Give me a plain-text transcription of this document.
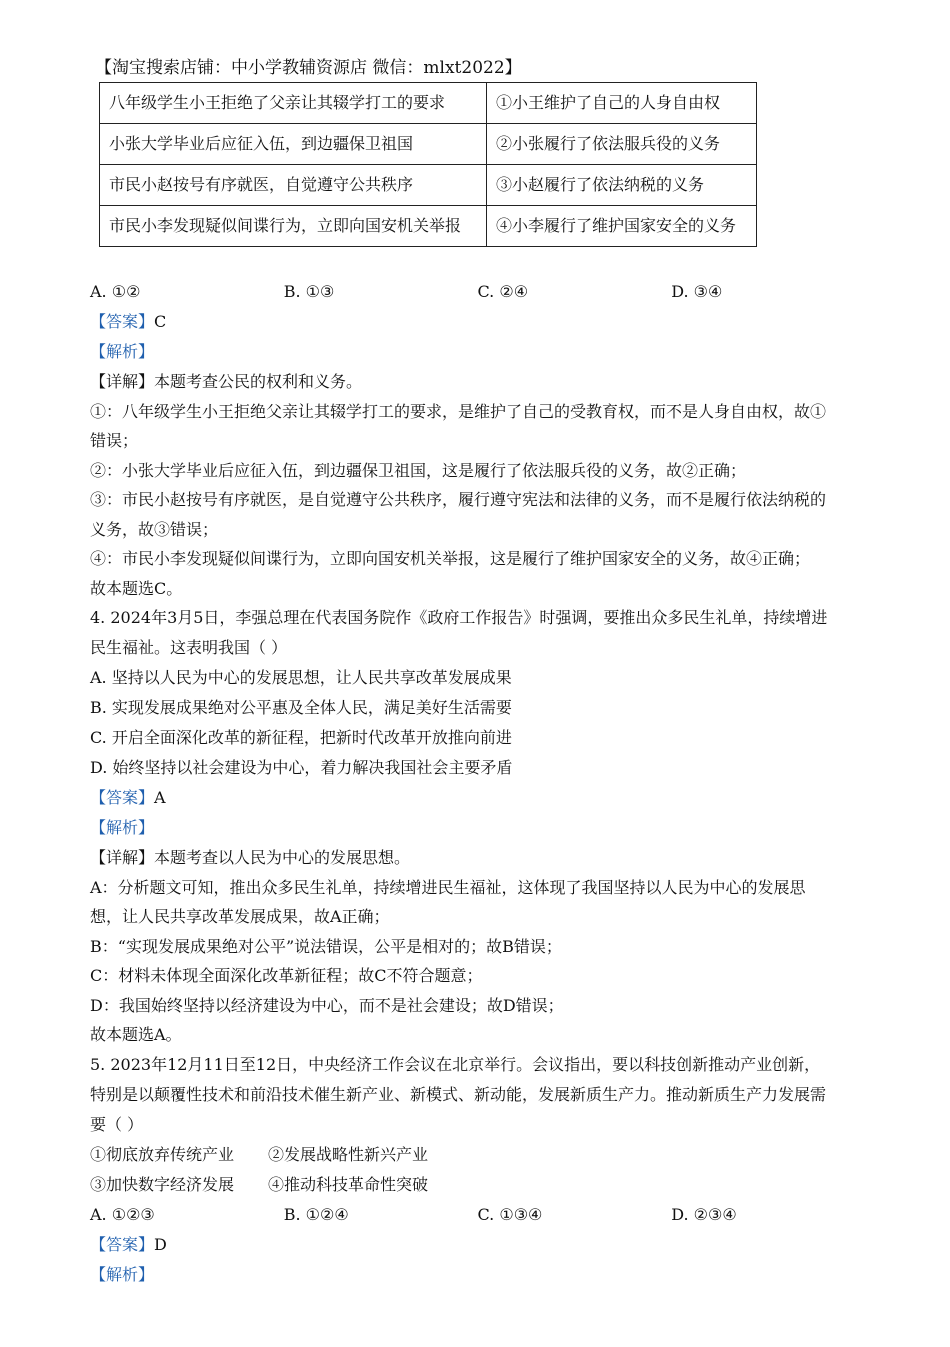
【淘宝搜索店铺：中小学教辅资源店 微信：mlxt2022】
八年级学生小王拒绝了父亲让其辍学打工的要求	①小王维护了自己的人身自由权
小张大学毕业后应征入伍，到边疆保卫祖国	②小张履行了依法服兵役的义务
市民小赵按号有序就医，自觉遵守公共秩序	③小赵履行了依法纳税的义务
市民小李发现疑似间谍行为，立即向国安机关举报	④小李履行了维护国家安全的义务
A. ①②	B. ①③	C. ②④	D. ③④
【答案】C
【解析】
【详解】本题考查公民的权利和义务。
①：八年级学生小王拒绝父亲让其辍学打工的要求，是维护了自己的受教育权，而不是人身自由权，故①
错误；
②：小张大学毕业后应征入伍，到边疆保卫祖国，这是履行了依法服兵役的义务，故②正确；
③：市民小赵按号有序就医，是自觉遵守公共秩序，履行遵守宪法和法律的义务，而不是履行依法纳税的
义务，故③错误；
④：市民小李发现疑似间谍行为，立即向国安机关举报，这是履行了维护国家安全的义务，故④正确；
故本题选C。
4. 2024年3月5日，李强总理在代表国务院作《政府工作报告》时强调，要推出众多民生礼单，持续增进
民生福祉。这表明我国（ ）
A. 坚持以人民为中心的发展思想，让人民共享改革发展成果
B. 实现发展成果绝对公平惠及全体人民，满足美好生活需要
C. 开启全面深化改革的新征程，把新时代改革开放推向前进
D. 始终坚持以社会建设为中心，着力解决我国社会主要矛盾
【答案】A
【解析】
【详解】本题考查以人民为中心的发展思想。
A：分析题文可知，推出众多民生礼单，持续增进民生福祉，这体现了我国坚持以人民为中心的发展思
想，让人民共享改革发展成果，故A正确；
B：“实现发展成果绝对公平”说法错误，公平是相对的；故B错误；
C：材料未体现全面深化改革新征程；故C不符合题意；
D：我国始终坚持以经济建设为中心，而不是社会建设；故D错误；
故本题选A。
5. 2023年12月11日至12日，中央经济工作会议在北京举行。会议指出，要以科技创新推动产业创新，
特别是以颠覆性技术和前沿技术催生新产业、新模式、新动能，发展新质生产力。推动新质生产力发展需
要（ ）
①彻底放弃传统产业 ②发展战略性新兴产业
③加快数字经济发展 ④推动科技革命性突破
A. ①②③	B. ①②④	C. ①③④	D. ②③④
【答案】D
【解析】
